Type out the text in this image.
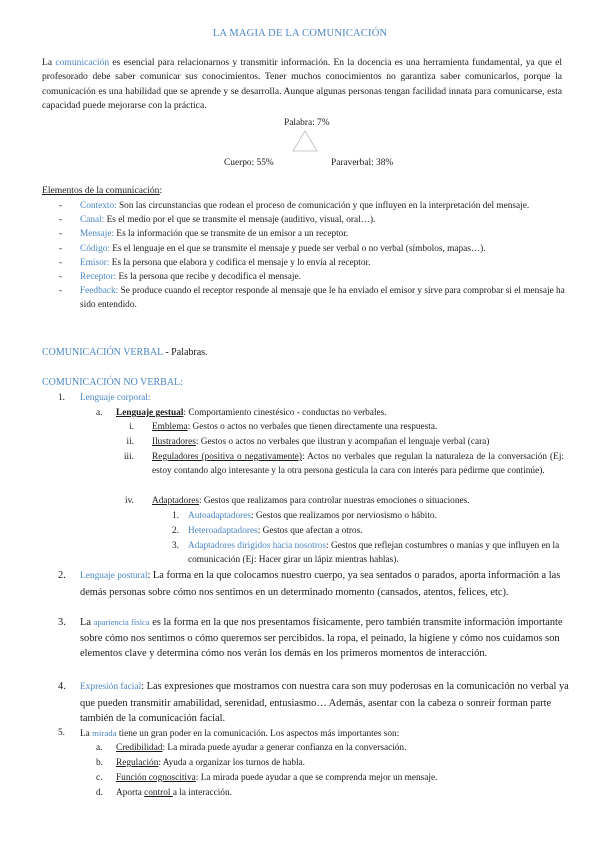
LA MAGIA DE LA COMUNICACIÓN
La comunicación es esencial para relacionarnos y transmitir información. En la docencia es una herramienta fundamental, ya que el profesorado debe saber comunicar sus conocimientos. Tener muchos conocimientos no garantiza saber comunicarlos, porque la comunicación es una habilidad que se aprende y se desarrolla. Aunque algunas personas tengan facilidad innata para comunicarse, esta capacidad puede mejorarse con la práctica.
Palabra: 7%
Cuerpo: 55%	Paraverbal: 38%
Elementos de la comunicación:
- Contexto: Son las circunstancias que rodean el proceso de comunicación y que influyen en la interpretación del mensaje.
- Canal: Es el medio por el que se transmite el mensaje (auditivo, visual, oral…).
- Mensaje: Es la información que se transmite de un emisor a un receptor.
- Código: Es el lenguaje en el que se transmite el mensaje y puede ser verbal o no verbal (símbolos, mapas…).
- Emisor: Es la persona que elabora y codifica el mensaje y lo envía al receptor.
- Receptor: Es la persona que recibe y decodifica el mensaje.
- Feedback: Se produce cuando el receptor responde al mensaje que le ha enviado el emisor y sirve para comprobar si el mensaje ha sido entendido.
COMUNICACIÓN VERBAL - Palabras.
COMUNICACIÓN NO VERBAL:
1.	Lenguaje corporal:
a. Lenguaje gestual: Comportamiento cinestésico - conductas no verbales.
i. Emblema: Gestos o actos no verbales que tienen directamente una respuesta.
ii. Ilustradores: Gestos o actos no verbales que ilustran y acompañan el lenguaje verbal (cara)
iii. Reguladores (positiva o negativamente): Actos no verbales que regulan la naturaleza de la conversación (Ej: estoy contando algo interesante y la otra persona gesticula la cara con interés para pedirme que continúe).
iv. Adaptadores: Gestos que realizamos para controlar nuestras emociones o situaciones.
1. Autoadaptadores: Gestos que realizamos por nerviosismo o hábito.
2. Heteroadaptadores: Gestos que afectan a otros.
3. Adaptadores dirigidos hacia nosotros: Gestos que reflejan costumbres o manías y que influyen en la comunicación (Ej: Hacer girar un lápiz mientras hablas).
2. Lenguaje postural: La forma en la que colocamos nuestro cuerpo, ya sea sentados o parados, aporta información a las demás personas sobre cómo nos sentimos en un determinado momento (cansados, atentos, felices, etc).
3. La apariencia física es la forma en la que nos presentamos físicamente, pero también transmite información importante sobre cómo nos sentimos o cómo queremos ser percibidos. la ropa, el peinado, la higiene y cómo nos cuidamos son elementos clave y determina cómo nos verán los demás en los primeros momentos de interacción.
4. Expresión facial: Las expresiones que mostramos con nuestra cara son muy poderosas en la comunicación no verbal ya que pueden transmitir amabilidad, serenidad, entusiasmo… Además, asentar con la cabeza o sonreír forman parte también de la comunicación facial.
5. La mirada tiene un gran poder en la comunicación. Los aspectos más importantes son:
a. Credibilidad: La mirada puede ayudar a generar confianza en la conversación.
b. Regulación: Ayuda a organizar los turnos de habla.
c. Función cognoscitiva: La mirada puede ayudar a que se comprenda mejor un mensaje.
d. Aporta control a la interacción.
